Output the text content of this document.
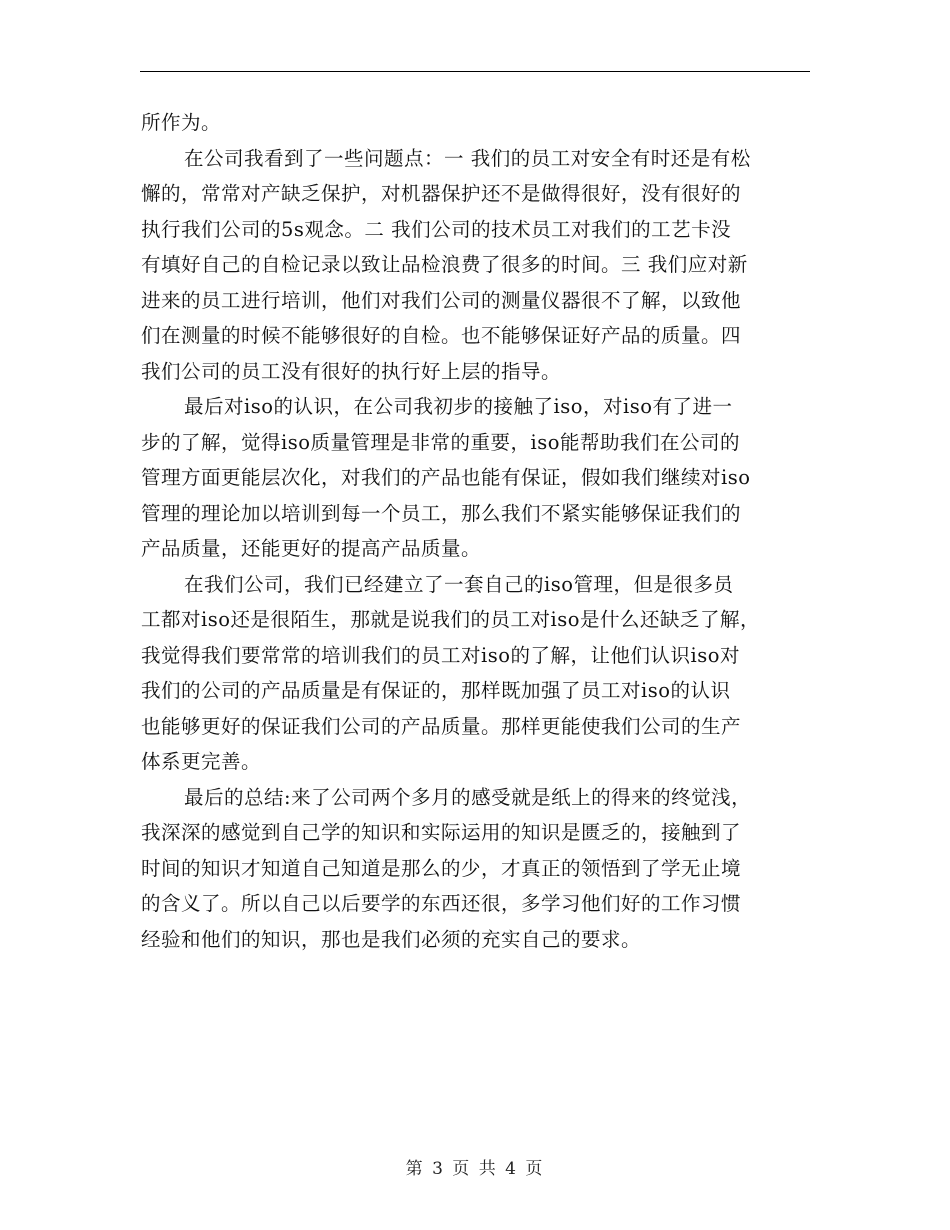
所作为。
在公司我看到了一些问题点：一 我们的员工对安全有时还是有松
懈的，常常对产缺乏保护，对机器保护还不是做得很好，没有很好的
执行我们公司的5s观念。二 我们公司的技术员工对我们的工艺卡没
有填好自己的自检记录以致让品检浪费了很多的时间。三 我们应对新
进来的员工进行培训，他们对我们公司的测量仪器很不了解，以致他
们在测量的时候不能够很好的自检。也不能够保证好产品的质量。四
我们公司的员工没有很好的执行好上层的指导。
最后对iso的认识，在公司我初步的接触了iso，对iso有了进一
步的了解，觉得iso质量管理是非常的重要，iso能帮助我们在公司的
管理方面更能层次化，对我们的产品也能有保证，假如我们继续对iso
管理的理论加以培训到每一个员工，那么我们不紧实能够保证我们的
产品质量，还能更好的提高产品质量。
在我们公司，我们已经建立了一套自己的iso管理，但是很多员
工都对iso还是很陌生，那就是说我们的员工对iso是什么还缺乏了解，
我觉得我们要常常的培训我们的员工对iso的了解，让他们认识iso对
我们的公司的产品质量是有保证的，那样既加强了员工对iso的认识
也能够更好的保证我们公司的产品质量。那样更能使我们公司的生产
体系更完善。
最后的总结:来了公司两个多月的感受就是纸上的得来的终觉浅，
我深深的感觉到自己学的知识和实际运用的知识是匮乏的，接触到了
时间的知识才知道自己知道是那么的少，才真正的领悟到了学无止境
的含义了。所以自己以后要学的东西还很，多学习他们好的工作习惯
经验和他们的知识，那也是我们必须的充实自己的要求。
第 3 页 共 4 页
